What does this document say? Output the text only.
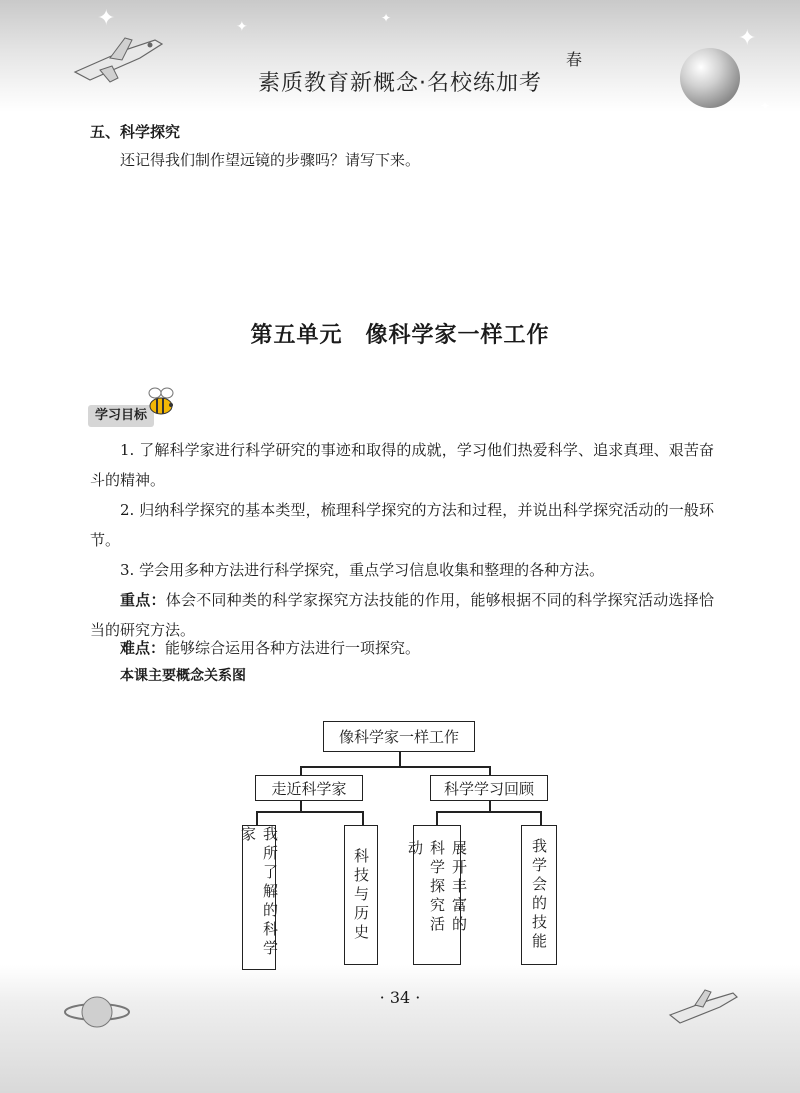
✦	✦
✦
✦
✦
素质教育新概念·名校练加考
春
五、科学探究
还记得我们制作望远镜的步骤吗？请写下来。
第五单元　像科学家一样工作
学习目标
1. 了解科学家进行科学研究的事迹和取得的成就，学习他们热爱科学、追求真理、艰苦奋斗的精神。
2. 归纳科学探究的基本类型，梳理科学探究的方法和过程，并说出科学探究活动的一般环节。
3. 学会用多种方法进行科学探究，重点学习信息收集和整理的各种方法。
重点：体会不同种类的科学家探究方法技能的作用，能够根据不同的科学探究活动选择恰当的研究方法。
难点：能够综合运用各种方法进行一项探究。
本课主要概念关系图
像科学家一样工作
走近科学家	科学学习回顾
我所了解的科学家
科技与历史	展开丰富的科学探究活动	我学会的技能
· 34 ·
